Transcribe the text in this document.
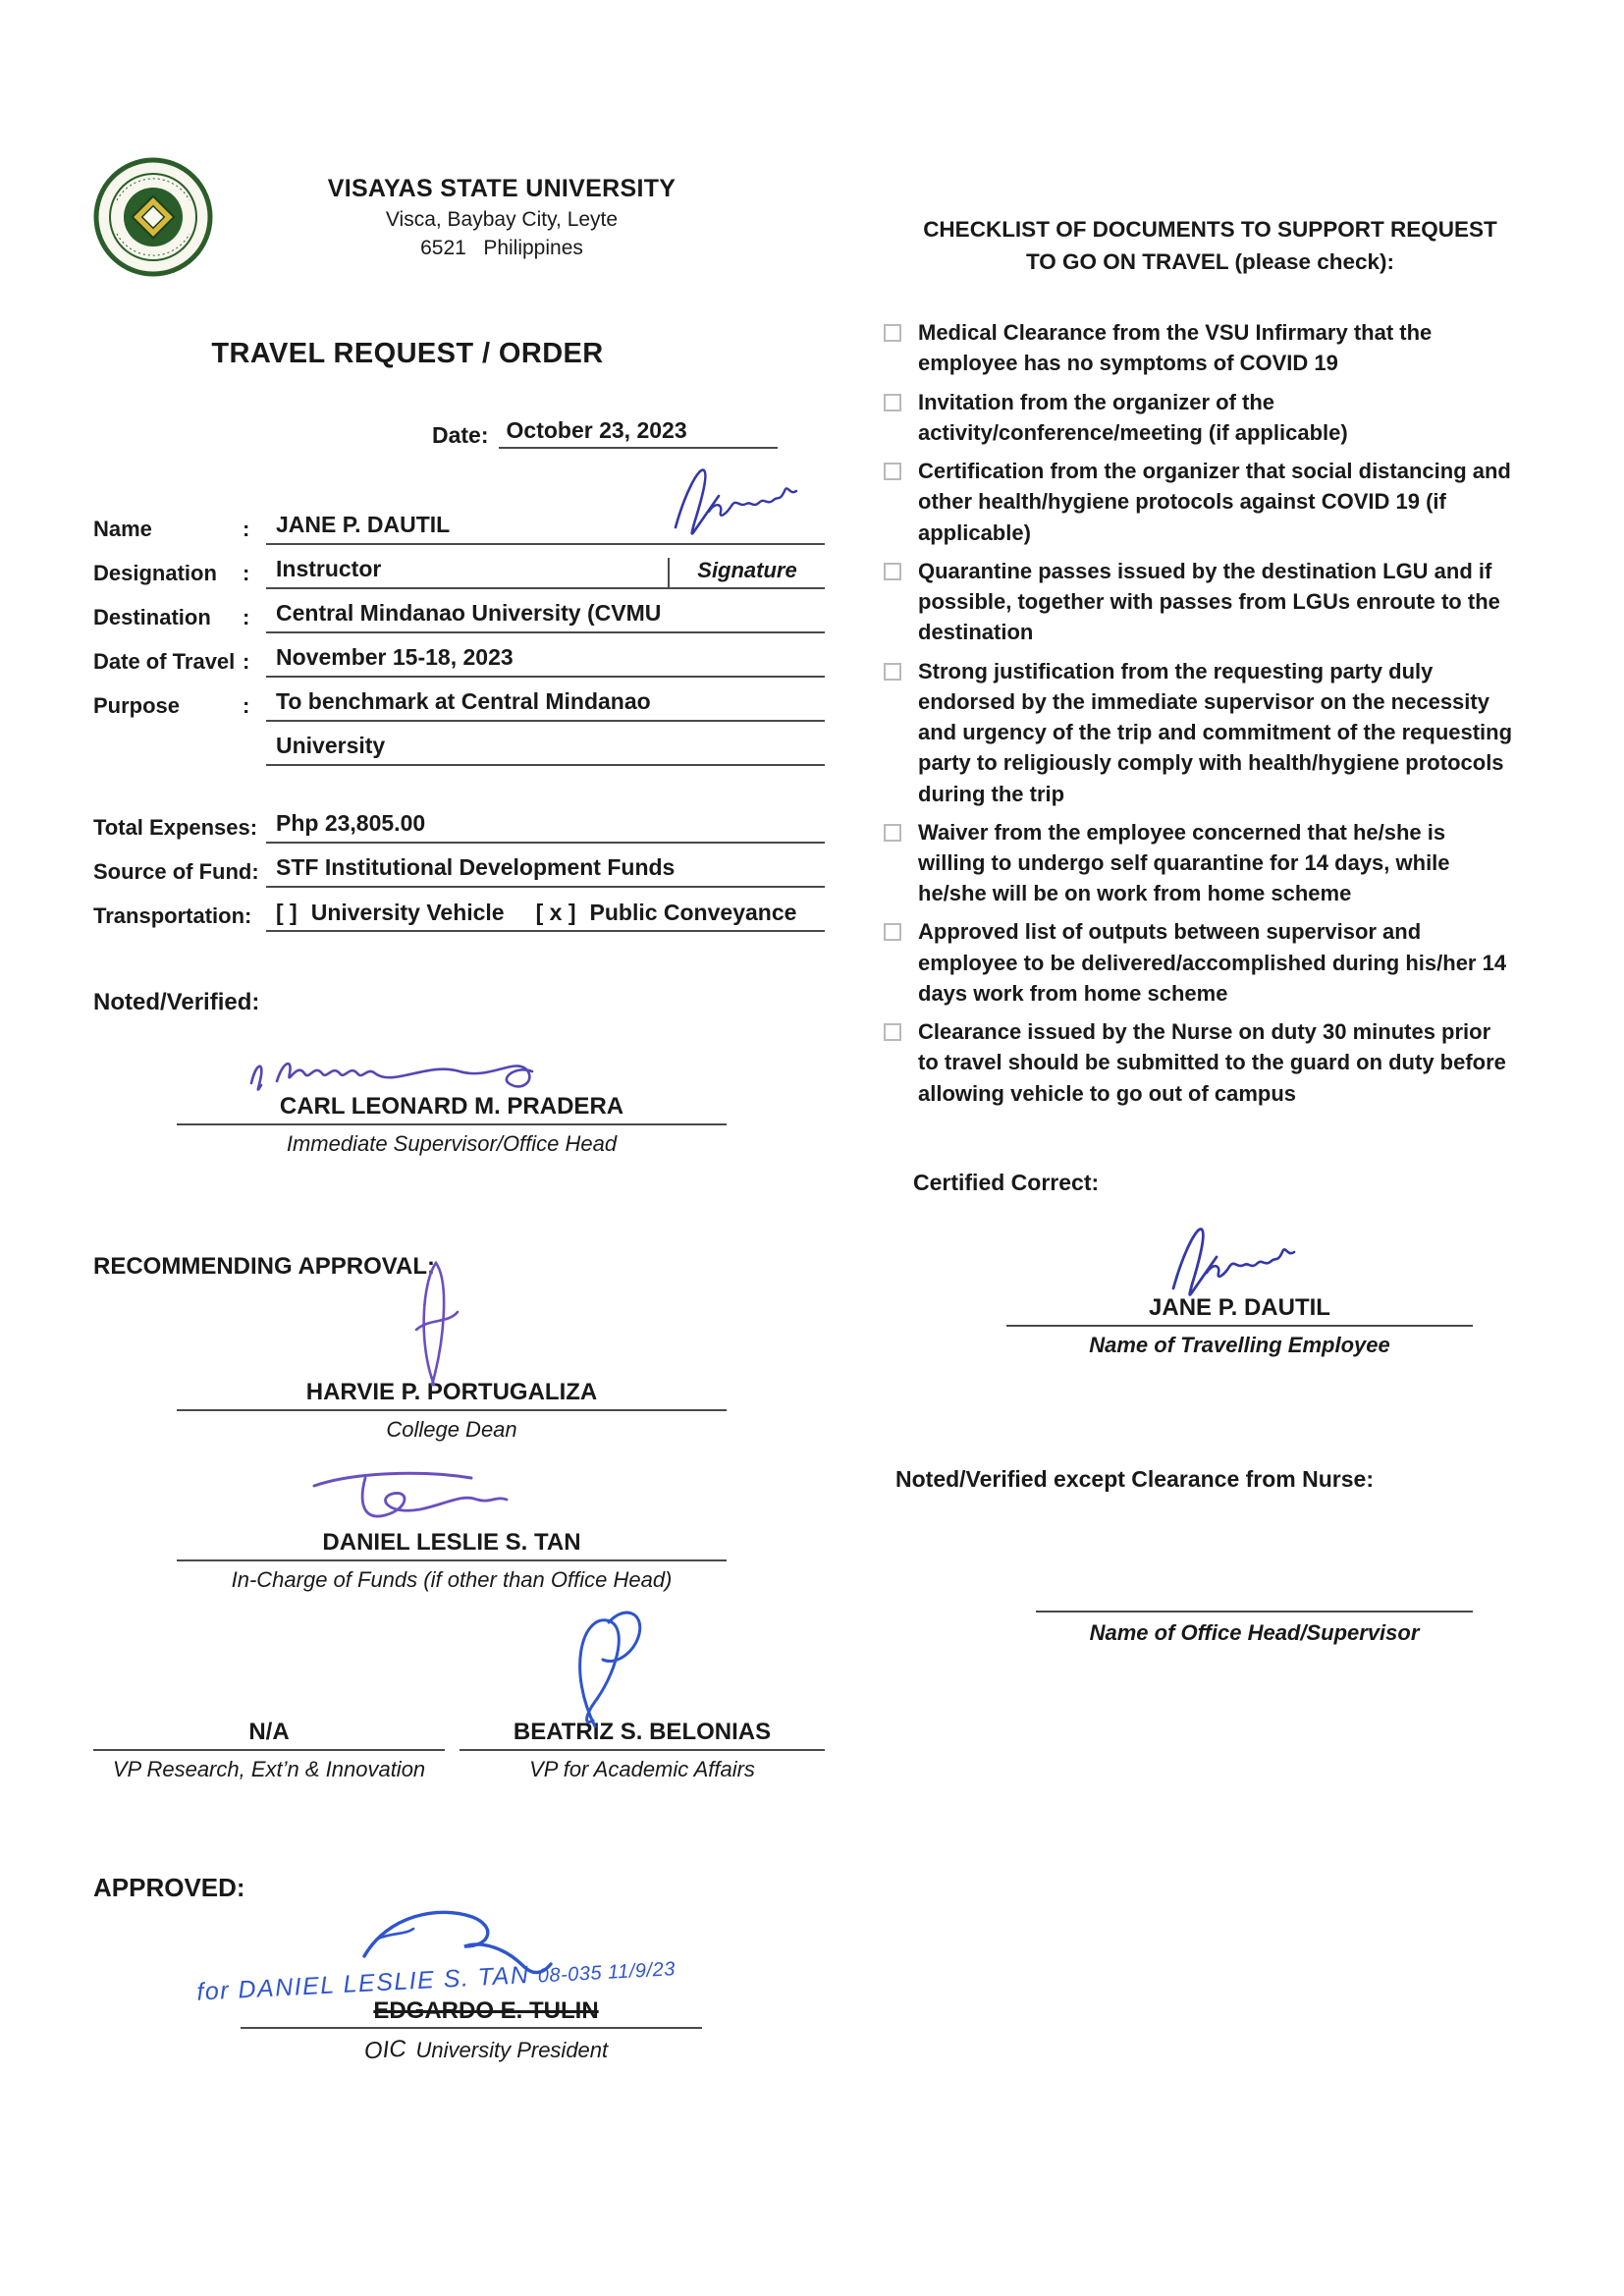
VISAYAS STATE UNIVERSITY
Visca, Baybay City, Leyte
6521   Philippines
TRAVEL REQUEST / ORDER
Date: October 23, 2023
Name	:	JANE P. DAUTIL
Designation	:	Instructor	Signature
Destination	:	Central Mindanao University (CVMU
Date of Travel :	November 15-18, 2023
Purpose	:	To benchmark at Central Mindanao
University
Total Expenses: Php 23,805.00
Source of Fund: STF Institutional Development Funds
Transportation:	[ ] University Vehicle [ x ] Public Conveyance
Noted/Verified:
CARL LEONARD M. PRADERA
Immediate Supervisor/Office Head
RECOMMENDING APPROVAL:
HARVIE P. PORTUGALIZA
College Dean
DANIEL LESLIE S. TAN
In-Charge of Funds (if other than Office Head)
N/A
VP Research, Ext’n & Innovation
BEATRIZ S. BELONIAS
VP for Academic Affairs
APPROVED:
for DANIEL LESLIE S. TAN 08-035 11/9/23
EDGARDO E. TULIN
OIC University President
CHECKLIST OF DOCUMENTS TO SUPPORT REQUEST
TO GO ON TRAVEL (please check):
Medical Clearance from the VSU Infirmary that the employee has no symptoms of COVID 19
Invitation from the organizer of the activity/conference/meeting (if applicable)
Certification from the organizer that social distancing and other health/hygiene protocols against COVID 19 (if applicable)
Quarantine passes issued by the destination LGU and if possible, together with passes from LGUs enroute to the destination
Strong justification from the requesting party duly endorsed by the immediate supervisor on the necessity and urgency of the trip and commitment of the requesting party to religiously comply with health/hygiene protocols during the trip
Waiver from the employee concerned that he/she is willing to undergo self quarantine for 14 days, while he/she will be on work from home scheme
Approved list of outputs between supervisor and employee to be delivered/accomplished during his/her 14 days work from home scheme
Clearance issued by the Nurse on duty 30 minutes prior to travel should be submitted to the guard on duty before allowing vehicle to go out of campus
Certified Correct:
JANE P. DAUTIL
Name of Travelling Employee
Noted/Verified except Clearance from Nurse:
Name of Office Head/Supervisor
